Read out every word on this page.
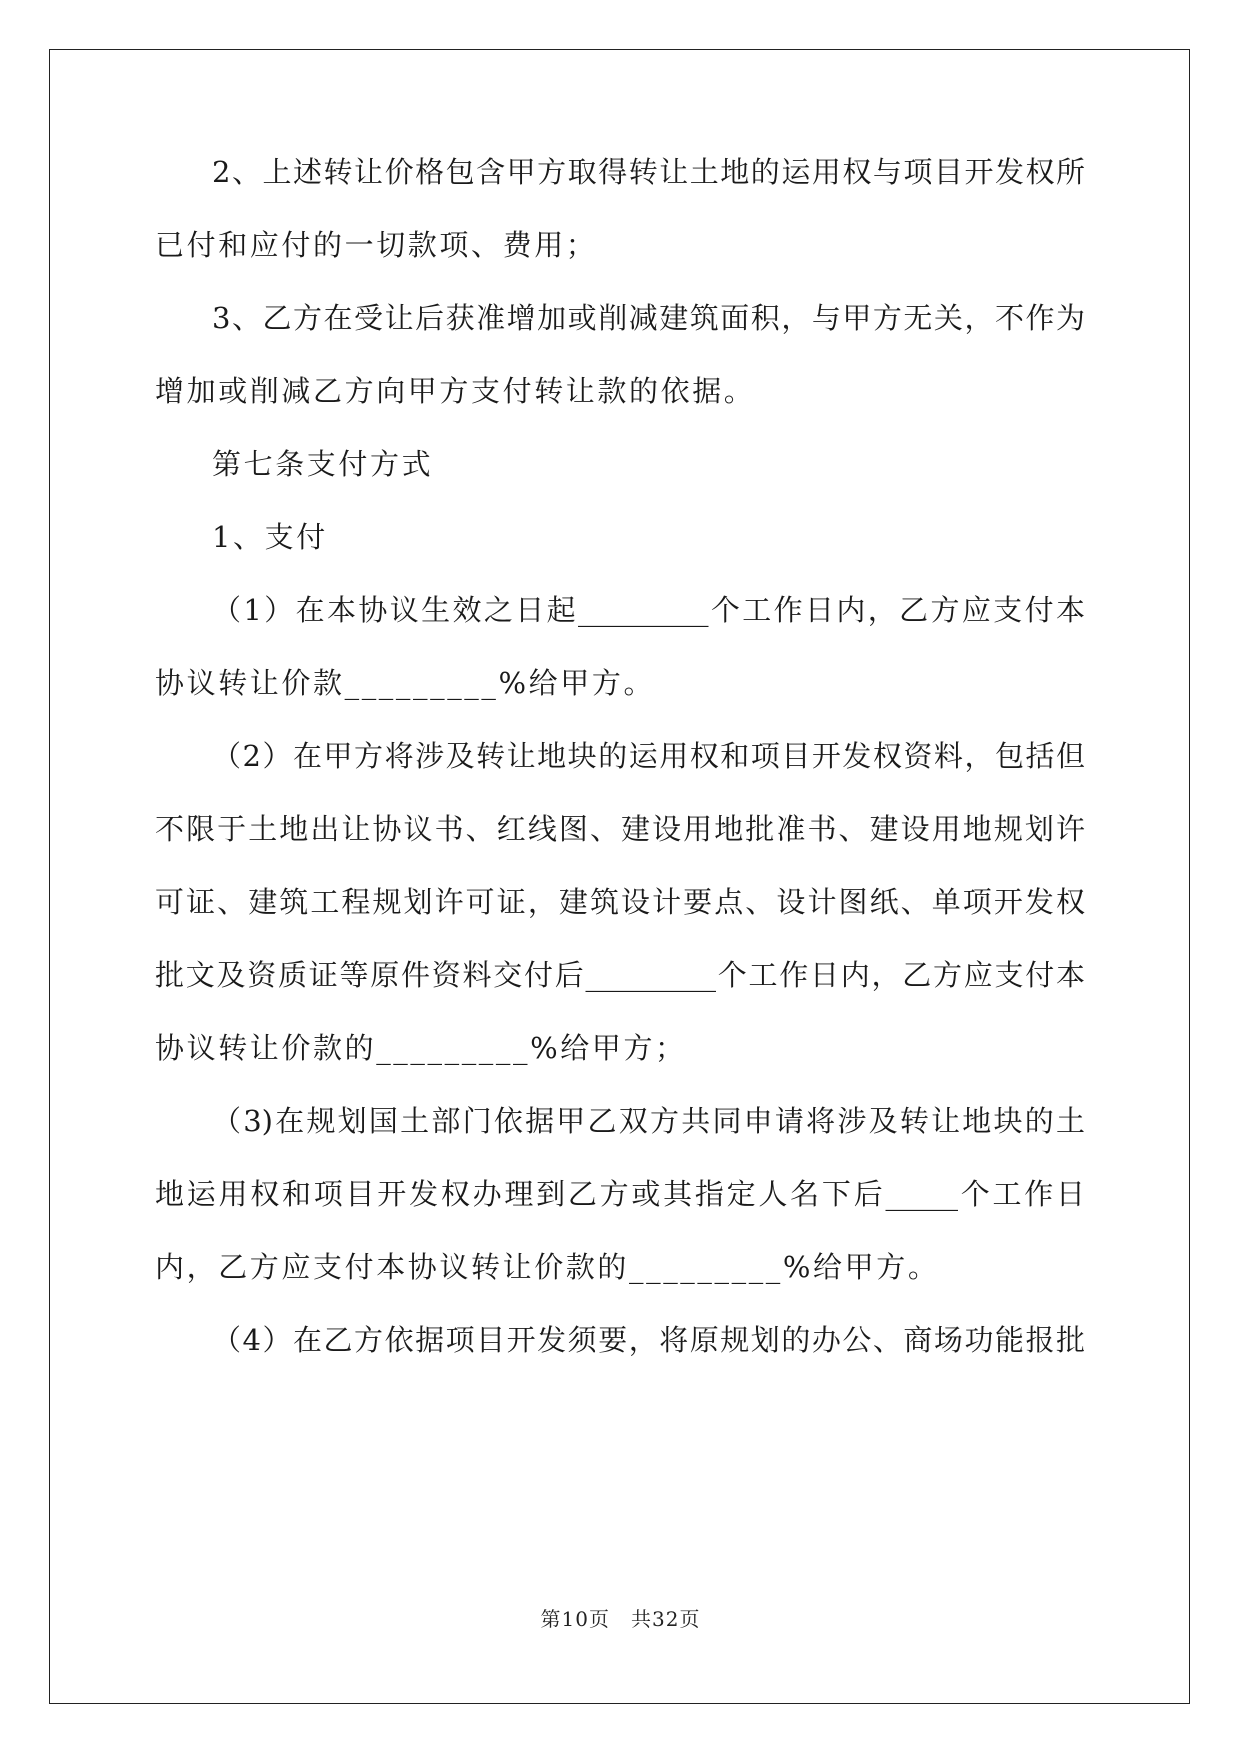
2、上述转让价格包含甲方取得转让土地的运用权与项目开发权所
已付和应付的一切款项、费用；
3、乙方在受让后获准增加或削减建筑面积，与甲方无关，不作为
增加或削减乙方向甲方支付转让款的依据。
第七条支付方式
1、支付
（1）在本协议生效之日起_________个工作日内，乙方应支付本
协议转让价款_________%给甲方。
（2）在甲方将涉及转让地块的运用权和项目开发权资料，包括但
不限于土地出让协议书、红线图、建设用地批准书、建设用地规划许
可证、建筑工程规划许可证，建筑设计要点、设计图纸、单项开发权
批文及资质证等原件资料交付后_________个工作日内，乙方应支付本
协议转让价款的_________%给甲方；
（3)在规划国土部门依据甲乙双方共同申请将涉及转让地块的土
地运用权和项目开发权办理到乙方或其指定人名下后_____个工作日
内，乙方应支付本协议转让价款的_________%给甲方。
（4）在乙方依据项目开发须要，将原规划的办公、商场功能报批
第10页　共32页
